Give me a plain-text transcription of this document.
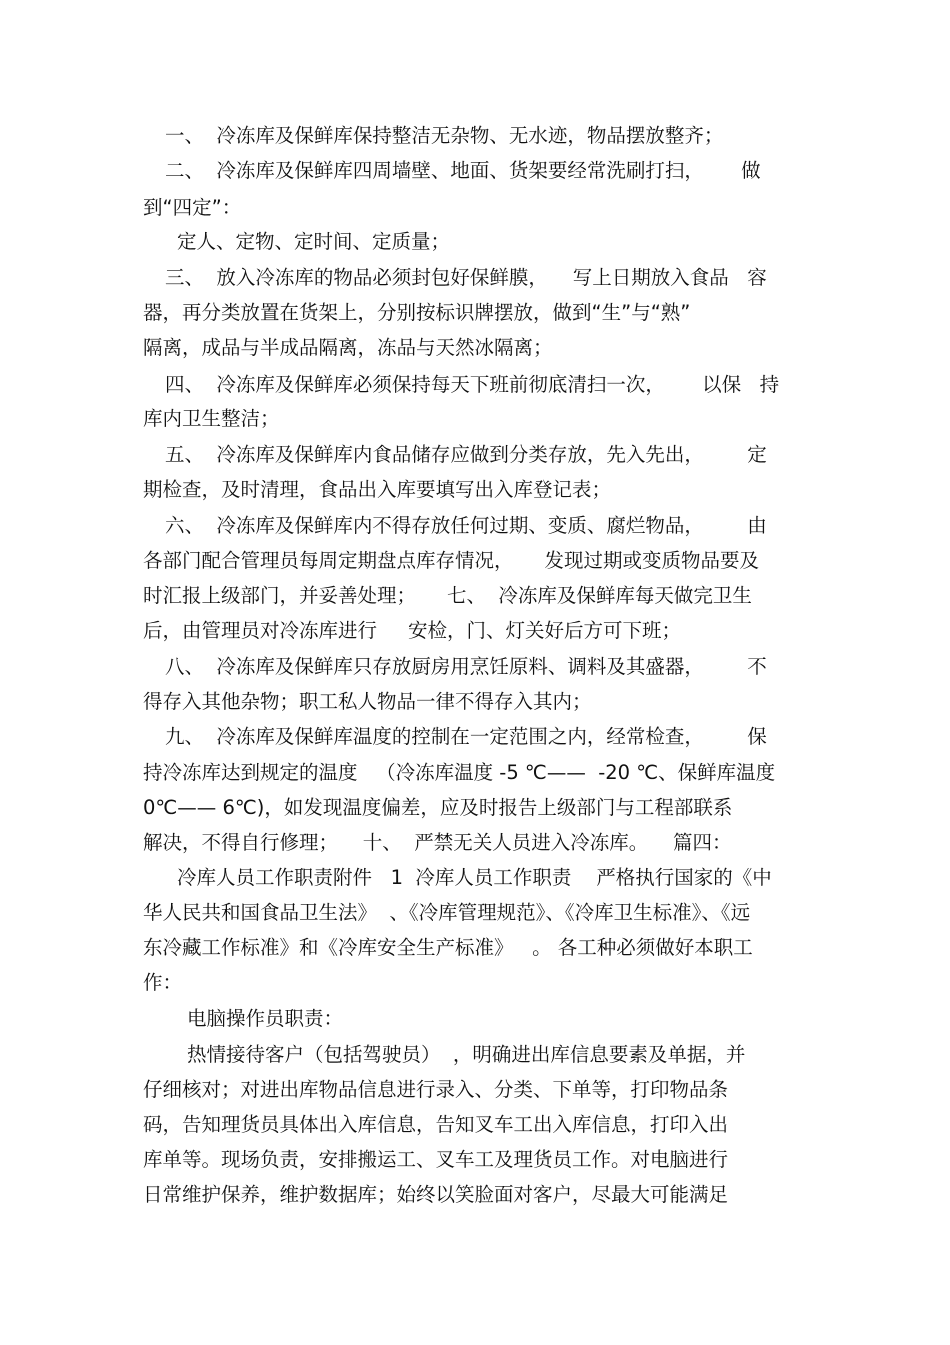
一、  冷冻库及保鲜库保持整洁无杂物、无水迹，物品摆放整齐；
二、  冷冻库及保鲜库四周墙壁、地面、货架要经常洗刷打扫，      做
到“四定”：
定人、定物、定时间、定质量；
三、  放入冷冻库的物品必须封包好保鲜膜，    写上日期放入食品   容
器，再分类放置在货架上，分别按标识牌摆放，做到“生”与“熟”
隔离，成品与半成品隔离，冻品与天然冰隔离；
四、  冷冻库及保鲜库必须保持每天下班前彻底清扫一次，      以保   持
库内卫生整洁；
五、  冷冻库及保鲜库内食品储存应做到分类存放，先入先出，       定
期检查，及时清理，食品出入库要填写出入库登记表；
六、  冷冻库及保鲜库内不得存放任何过期、变质、腐烂物品，       由
各部门配合管理员每周定期盘点库存情况，     发现过期或变质物品要及
时汇报上级部门，并妥善处理；     七、  冷冻库及保鲜库每天做完卫生
后，由管理员对冷冻库进行     安检，门、灯关好后方可下班；
八、  冷冻库及保鲜库只存放厨房用烹饪原料、调料及其盛器，       不
得存入其他杂物；职工私人物品一律不得存入其内；
九、  冷冻库及保鲜库温度的控制在一定范围之内，经常检查，       保
持冷冻库达到规定的温度   （冷冻库温度 -5 ℃——  -20 ℃、保鲜库温度
0℃—— 6℃)，如发现温度偏差，应及时报告上级部门与工程部联系
解决，不得自行修理；    十、  严禁无关人员进入冷冻库。    篇四：
冷库人员工作职责附件   1  冷库人员工作职责    严格执行国家的《中
华人民共和国食品卫生法》  、《冷库管理规范》、《冷库卫生标准》、《远
东冷藏工作标准》和《冷库安全生产标准》   。 各工种必须做好本职工
作：
电脑操作员职责：
热情接待客户（包括驾驶员）  ，明确进出库信息要素及单据，并
仔细核对；对进出库物品信息进行录入、分类、下单等，打印物品条
码，告知理货员具体出入库信息，告知叉车工出入库信息，打印入出
库单等。现场负责，安排搬运工、叉车工及理货员工作。对电脑进行
日常维护保养，维护数据库；始终以笑脸面对客户，尽最大可能满足
